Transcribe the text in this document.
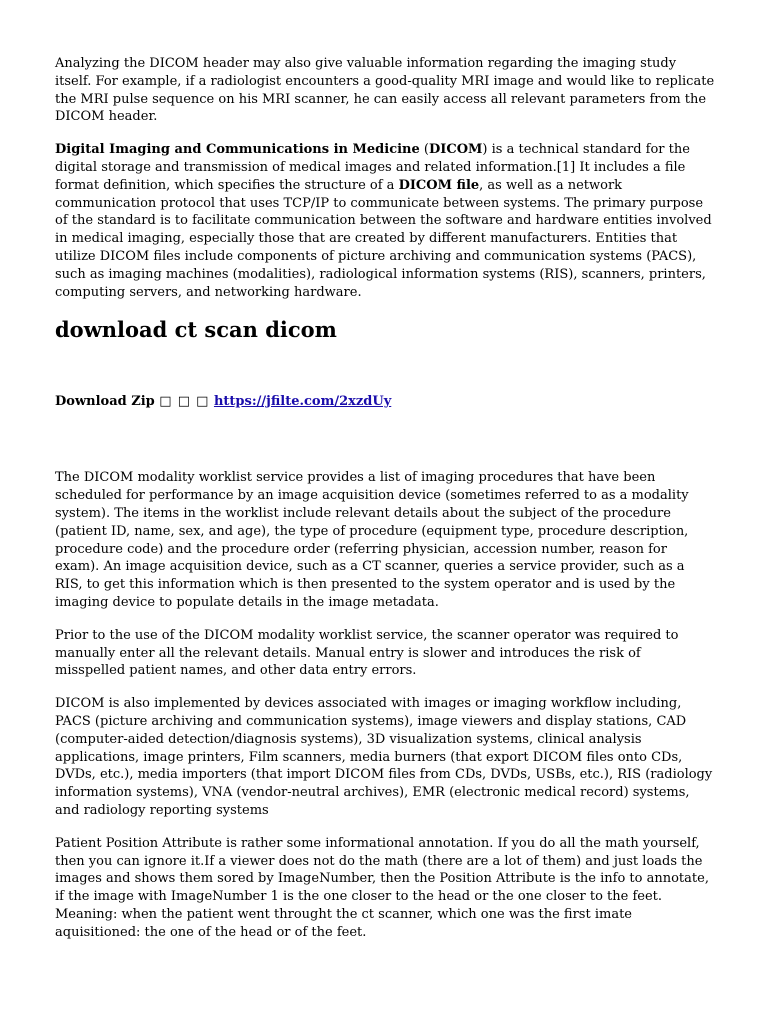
Analyzing the DICOM header may also give valuable information regarding the imaging study itself. For example, if a radiologist encounters a good-quality MRI image and would like to replicate the MRI pulse sequence on his MRI scanner, he can easily access all relevant parameters from the DICOM header.

Digital Imaging and Communications in Medicine (DICOM) is a technical standard for the digital storage and transmission of medical images and related information.[1] It includes a file format definition, which specifies the structure of a DICOM file, as well as a network communication protocol that uses TCP/IP to communicate between systems. The primary purpose of the standard is to facilitate communication between the software and hardware entities involved in medical imaging, especially those that are created by different manufacturers. Entities that utilize DICOM files include components of picture archiving and communication systems (PACS), such as imaging machines (modalities), radiological information systems (RIS), scanners, printers, computing servers, and networking hardware.

download ct scan dicom
Download Zip □ □ □ https://jfilte.com/2xzdUy

The DICOM modality worklist service provides a list of imaging procedures that have been scheduled for performance by an image acquisition device (sometimes referred to as a modality system). The items in the worklist include relevant details about the subject of the procedure (patient ID, name, sex, and age), the type of procedure (equipment type, procedure description, procedure code) and the procedure order (referring physician, accession number, reason for exam). An image acquisition device, such as a CT scanner, queries a service provider, such as a RIS, to get this information which is then presented to the system operator and is used by the imaging device to populate details in the image metadata.

Prior to the use of the DICOM modality worklist service, the scanner operator was required to manually enter all the relevant details. Manual entry is slower and introduces the risk of misspelled patient names, and other data entry errors.

DICOM is also implemented by devices associated with images or imaging workflow including, PACS (picture archiving and communication systems), image viewers and display stations, CAD (computer-aided detection/diagnosis systems), 3D visualization systems, clinical analysis applications, image printers, Film scanners, media burners (that export DICOM files onto CDs, DVDs, etc.), media importers (that import DICOM files from CDs, DVDs, USBs, etc.), RIS (radiology information systems), VNA (vendor-neutral archives), EMR (electronic medical record) systems, and radiology reporting systems

Patient Position Attribute is rather some informational annotation. If you do all the math yourself, then you can ignore it.If a viewer does not do the math (there are a lot of them) and just loads the images and shows them sored by ImageNumber, then the Position Attribute is the info to annotate, if the image with ImageNumber 1 is the one closer to the head or the one closer to the feet. Meaning: when the patient went throught the ct scanner, which one was the first imate aquisitioned: the one of the head or of the feet.
